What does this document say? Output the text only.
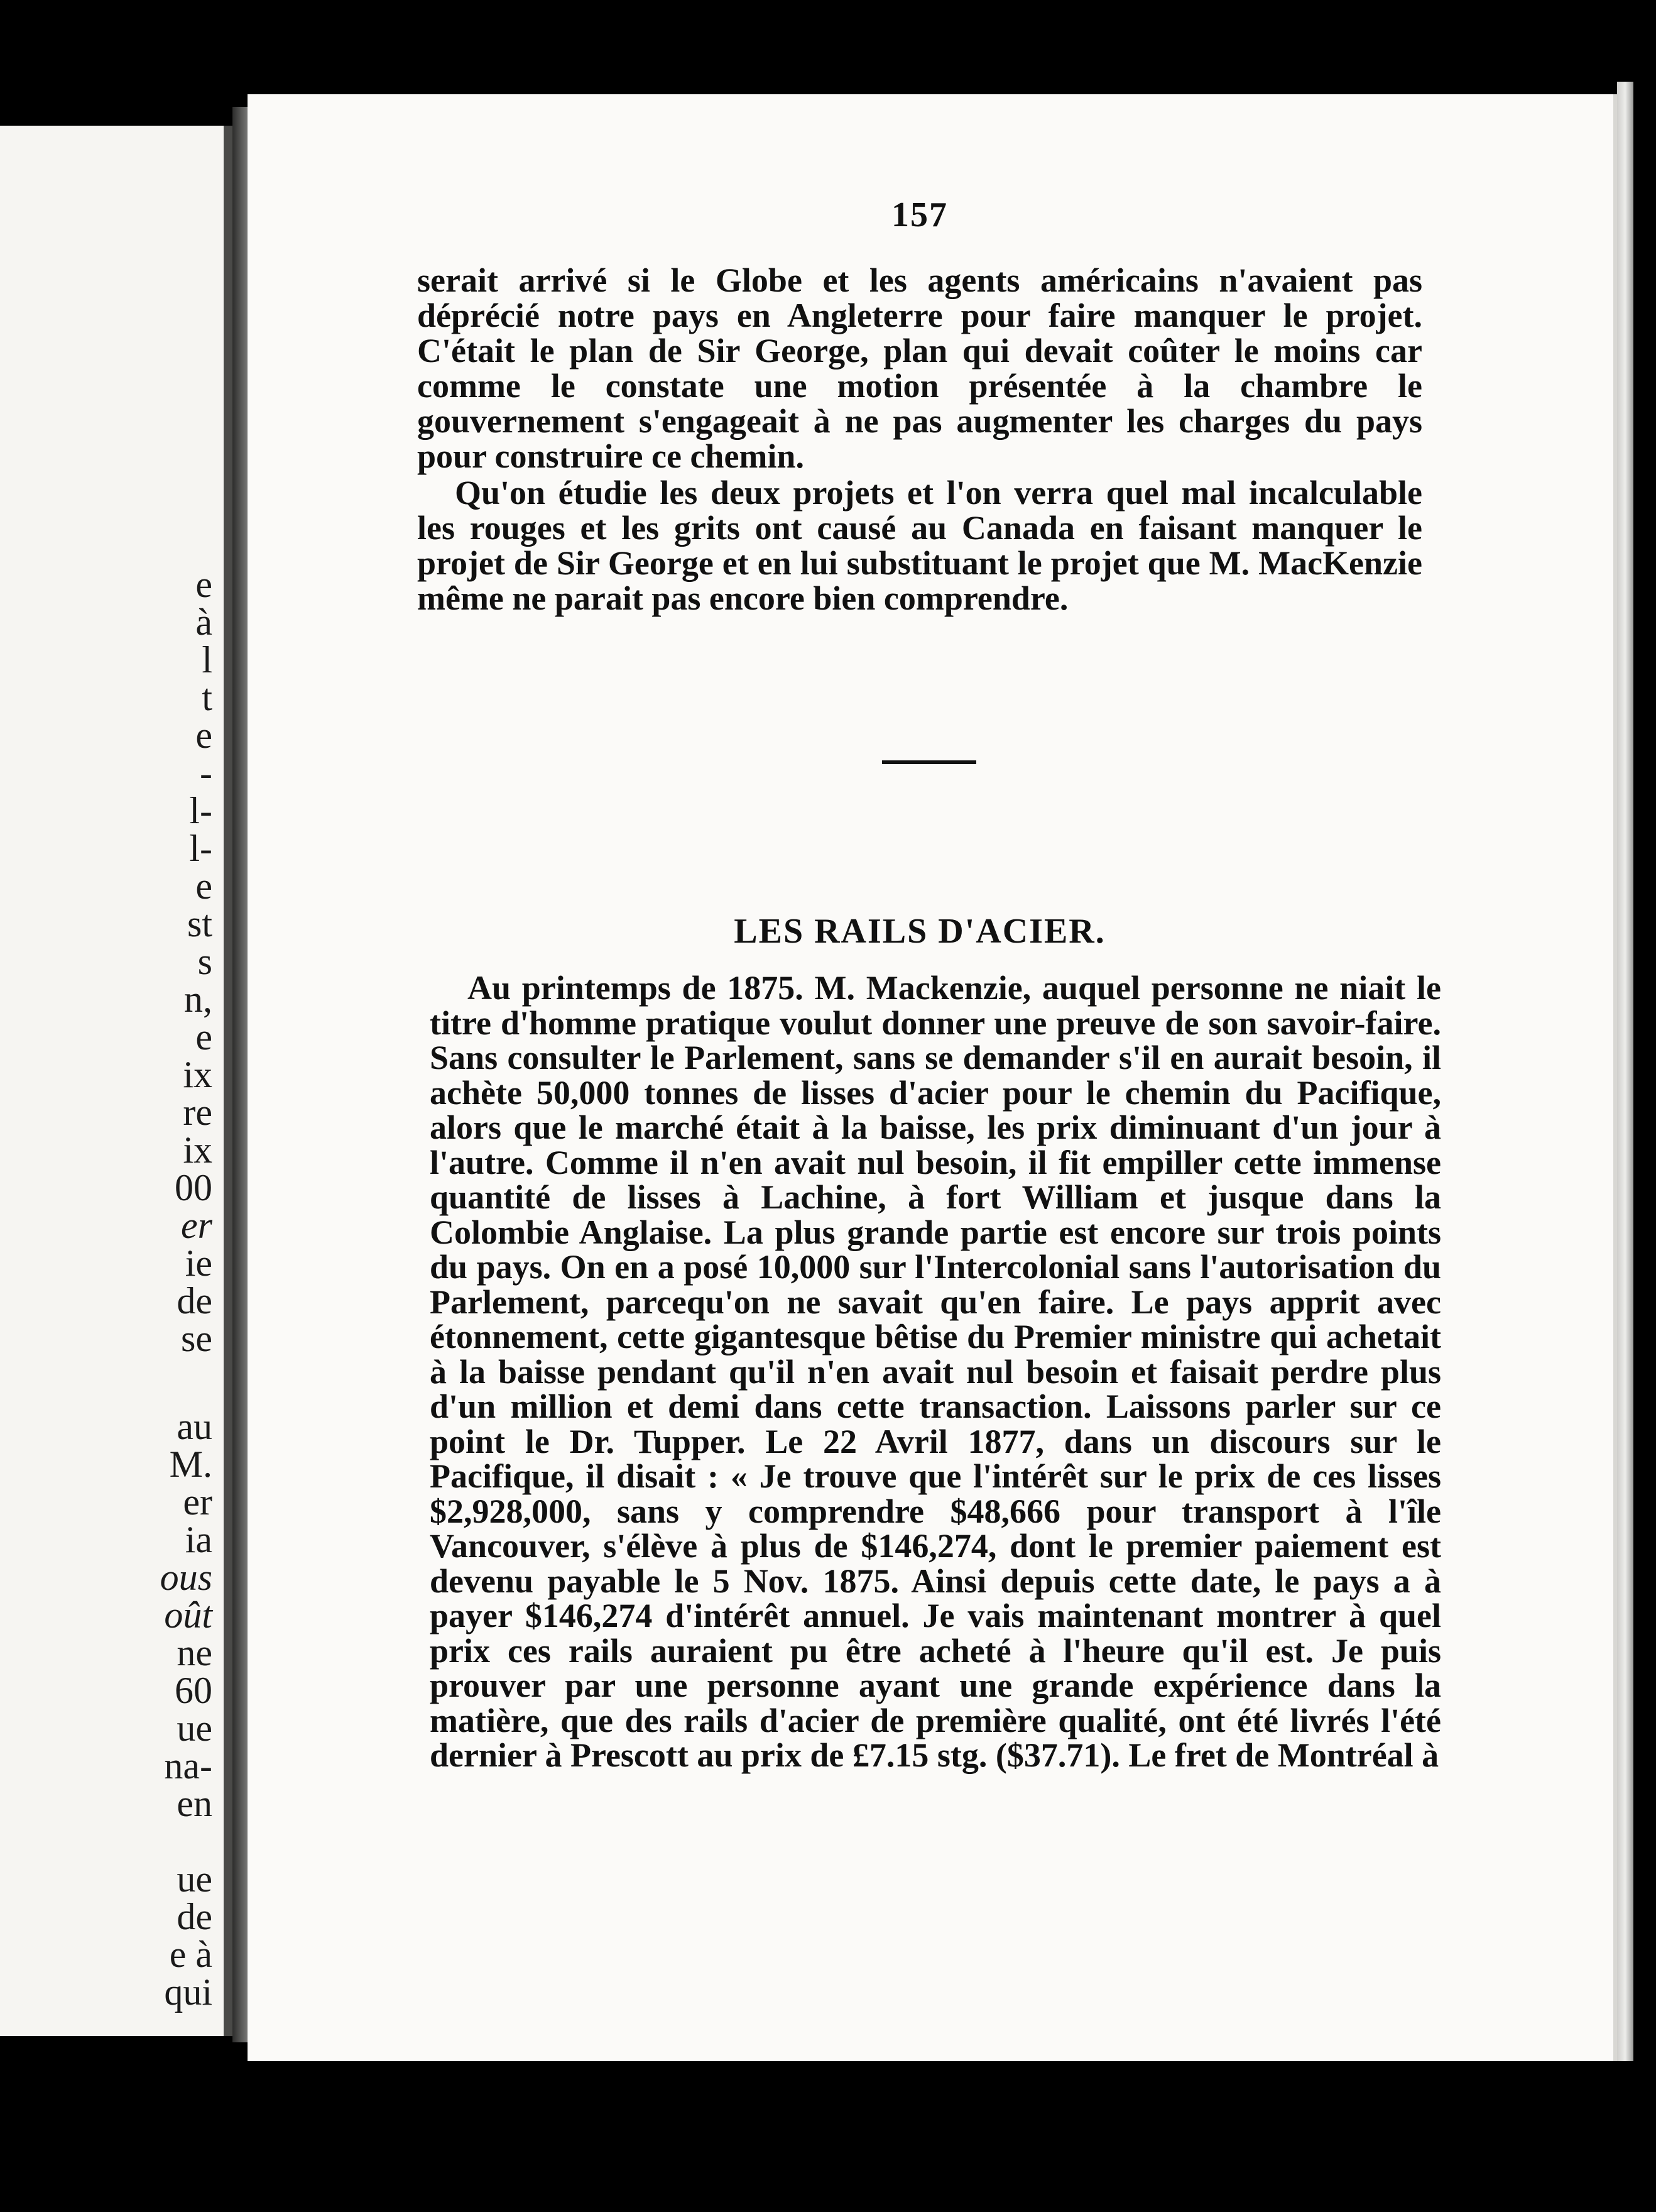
e
à
l
t
e
-
l-
l-
e
st
s
n,
e
ix
re
ix
00
er
ie
de
se
au
M.
er
ia
ous
oût
ne
60
ue
na-
en
ue
de
e à
qui
157

serait arrivé si le Globe et les agents américains n'avaient pas déprécié notre pays en Angleterre pour faire manquer le projet. C'était le plan de Sir George, plan qui devait coûter le moins car comme le constate une motion présentée à la chambre le gouvernement s'engageait à ne pas augmenter les charges du pays pour construire ce chemin.

Qu'on étudie les deux projets et l'on verra quel mal incalculable les rouges et les grits ont causé au Canada en faisant manquer le projet de Sir George et en lui substituant le projet que M. MacKenzie même ne parait pas encore bien comprendre.

LES RAILS D'ACIER.

Au printemps de 1875. M. Mackenzie, auquel personne ne niait le titre d'homme pratique voulut donner une preuve de son savoir-faire. Sans consulter le Parlement, sans se demander s'il en aurait besoin, il achète 50,000 tonnes de lisses d'acier pour le chemin du Pacifique, alors que le marché était à la baisse, les prix diminuant d'un jour à l'autre. Comme il n'en avait nul besoin, il fit empiller cette immense quantité de lisses à Lachine, à fort William et jusque dans la Colombie Anglaise. La plus grande partie est encore sur trois points du pays. On en a posé 10,000 sur l'Intercolonial sans l'autorisation du Parlement, parcequ'on ne savait qu'en faire. Le pays apprit avec étonnement, cette gigantesque bêtise du Premier ministre qui achetait à la baisse pendant qu'il n'en avait nul besoin et faisait perdre plus d'un million et demi dans cette transaction. Laissons parler sur ce point le Dr. Tupper. Le 22 Avril 1877, dans un discours sur le Pacifique, il disait : « Je trouve que l'intérêt sur le prix de ces lisses $2,928,000, sans y comprendre $48,666 pour transport à l'île Vancouver, s'élève à plus de $146,274, dont le premier paiement est devenu payable le 5 Nov. 1875. Ainsi depuis cette date, le pays a à payer $146,274 d'intérêt annuel. Je vais maintenant montrer à quel prix ces rails auraient pu être acheté à l'heure qu'il est. Je puis prouver par une personne ayant une grande expérience dans la matière, que des rails d'acier de première qualité, ont été livrés l'été dernier à Prescott au prix de £7.15 stg. ($37.71). Le fret de Montréal à
